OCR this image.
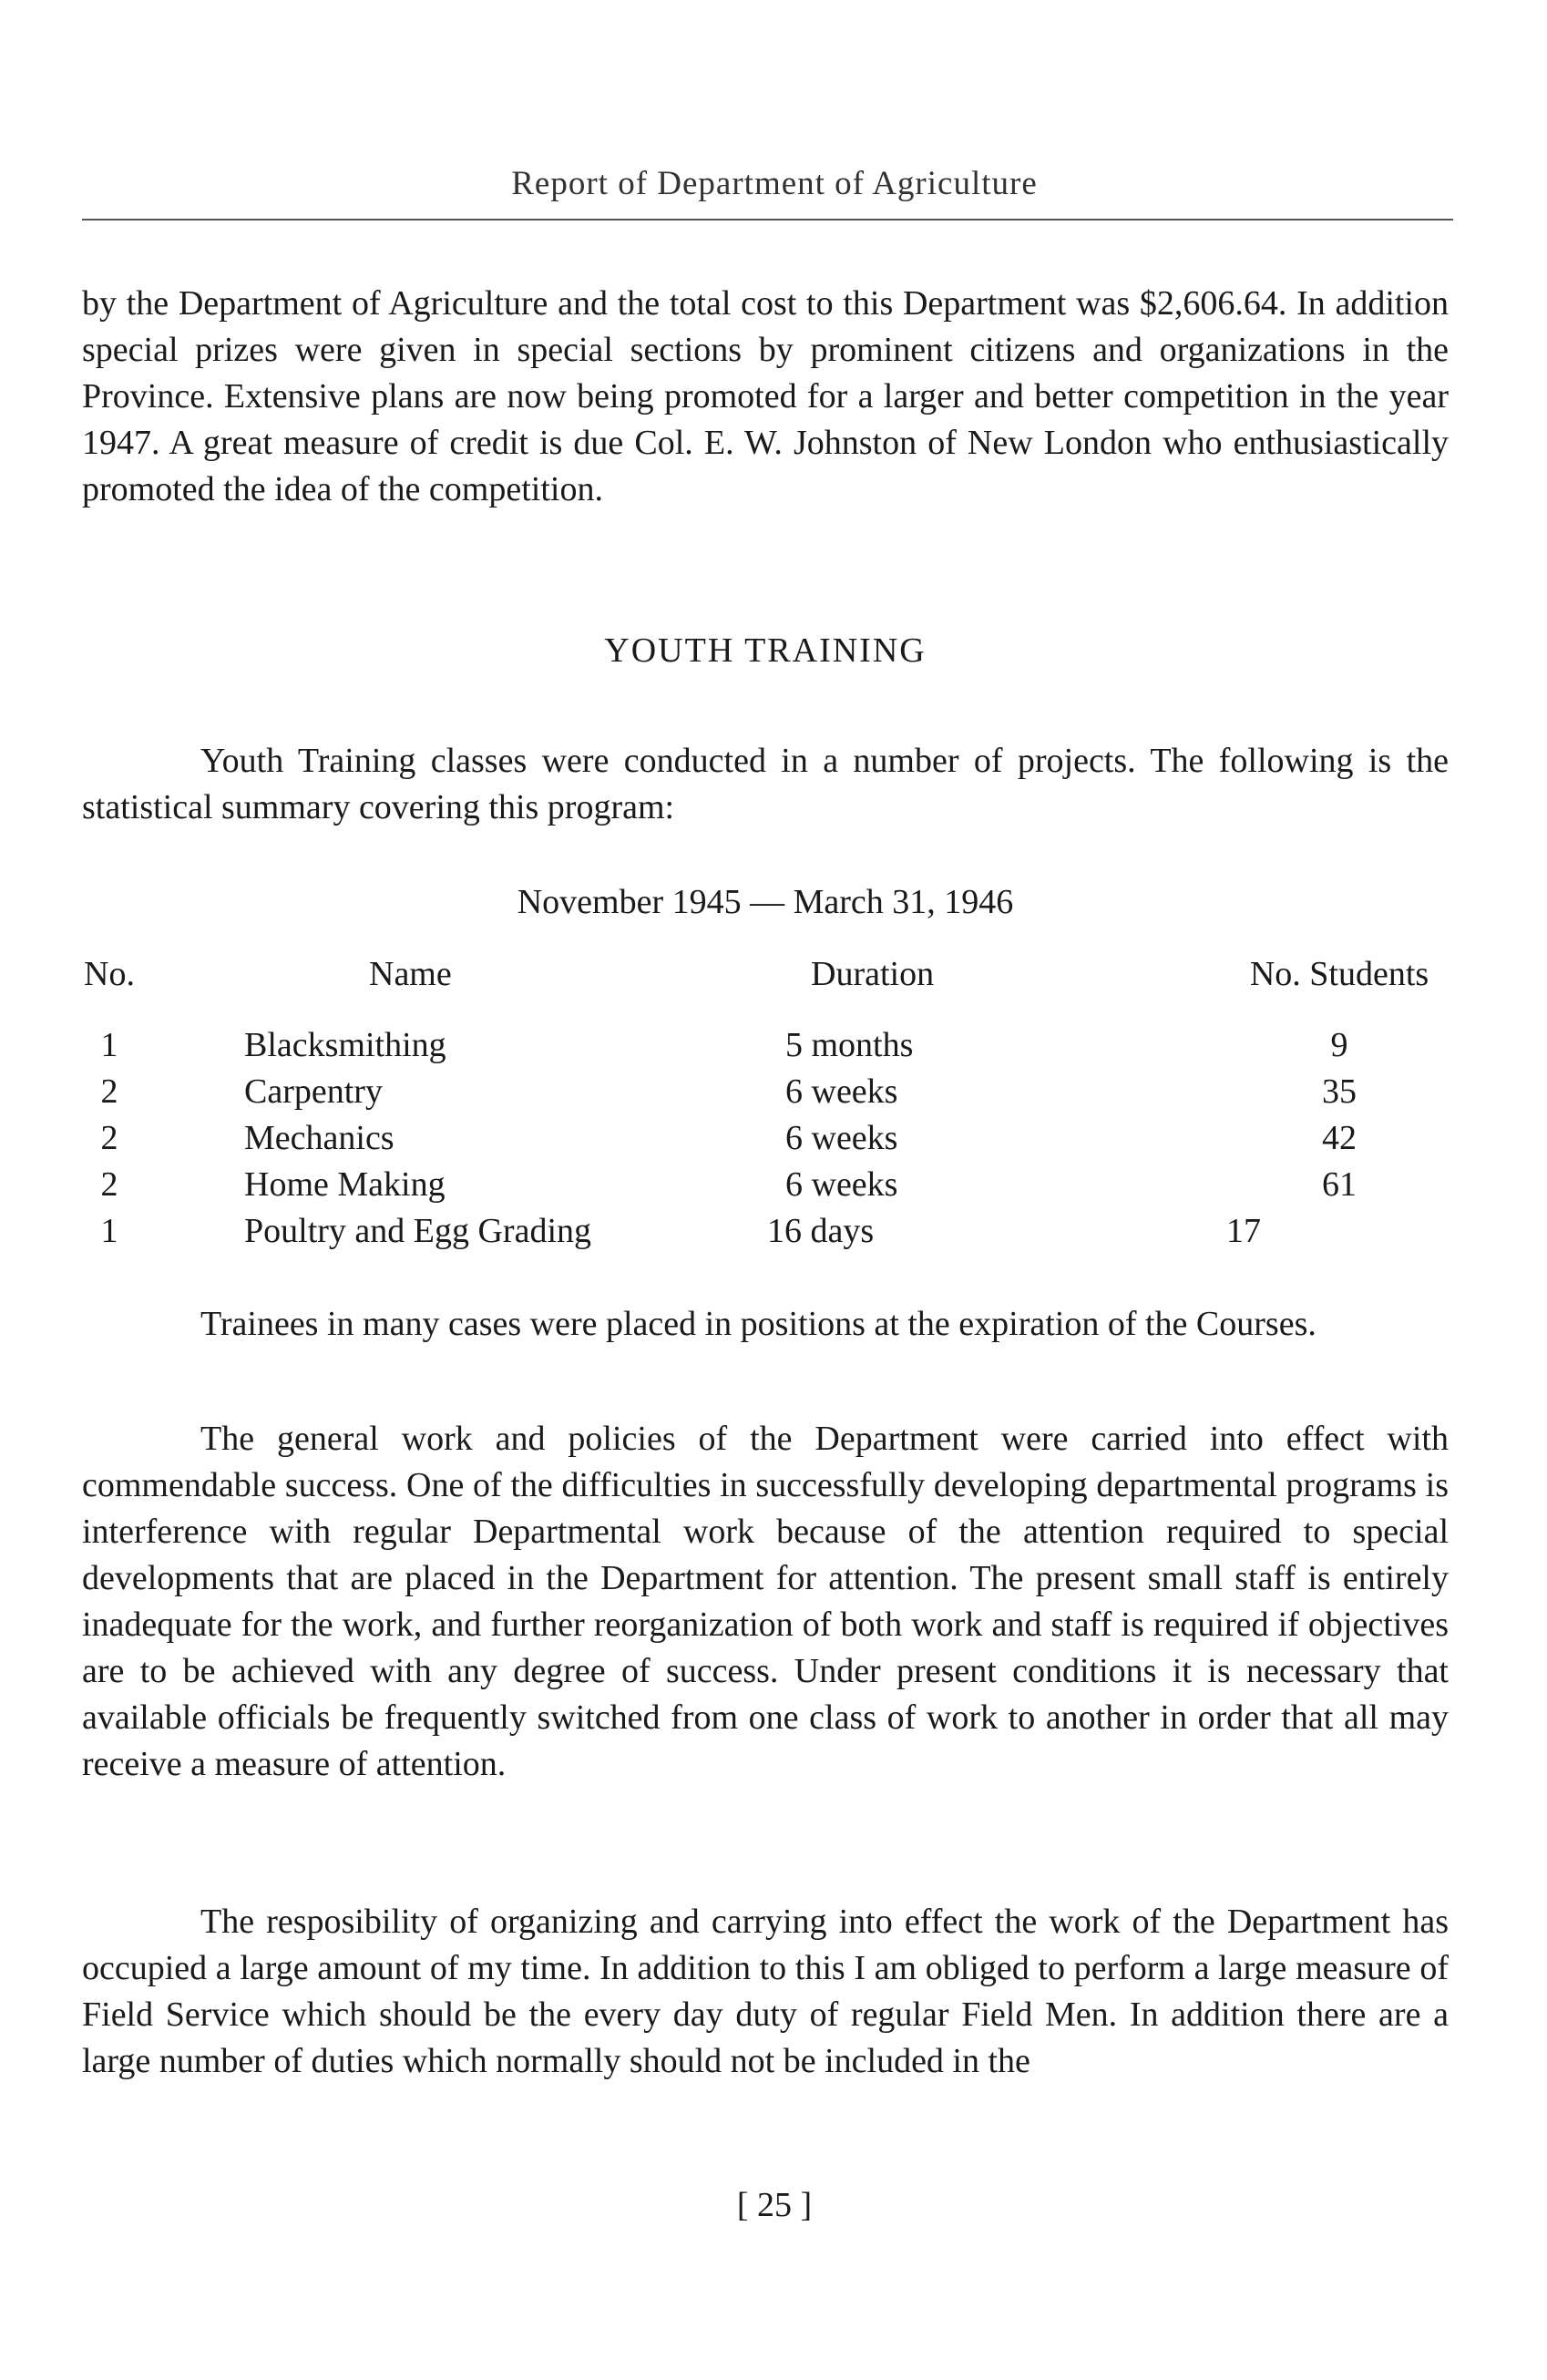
Report of Department of Agriculture

by the Department of Agriculture and the total cost to this Department was $2,606.64. In addition special prizes were given in special sections by prominent citizens and organizations in the Province. Extensive plans are now being promoted for a larger and better competition in the year 1947. A great measure of credit is due Col. E. W. Johnston of New London who enthusiastically promoted the idea of the competition.

YOUTH TRAINING

Youth Training classes were conducted in a number of projects. The following is the statistical summary covering this program:

November 1945 — March 31, 1946
No.	Name	Duration	No. Students
1	Blacksmithing	5 months	9
2	Carpentry	6 weeks	35
2	Mechanics	6 weeks	42
2	Home Making	6 weeks	61
1	Poultry and Egg Grading	16 days	17

Trainees in many cases were placed in positions at the expiration of the Courses.

The general work and policies of the Department were carried into effect with commendable success. One of the difficulties in successfully developing departmental programs is interference with regular Departmental work because of the attention required to special developments that are placed in the Department for attention. The present small staff is entirely inadequate for the work, and further reorganization of both work and staff is required if objectives are to be achieved with any degree of success. Under present conditions it is necessary that available officials be frequently switched from one class of work to another in order that all may receive a measure of attention.

The resposibility of organizing and carrying into effect the work of the Department has occupied a large amount of my time. In addition to this I am obliged to perform a large measure of Field Service which should be the every day duty of regular Field Men. In addition there are a large number of duties which normally should not be included in the

[ 25 ]
